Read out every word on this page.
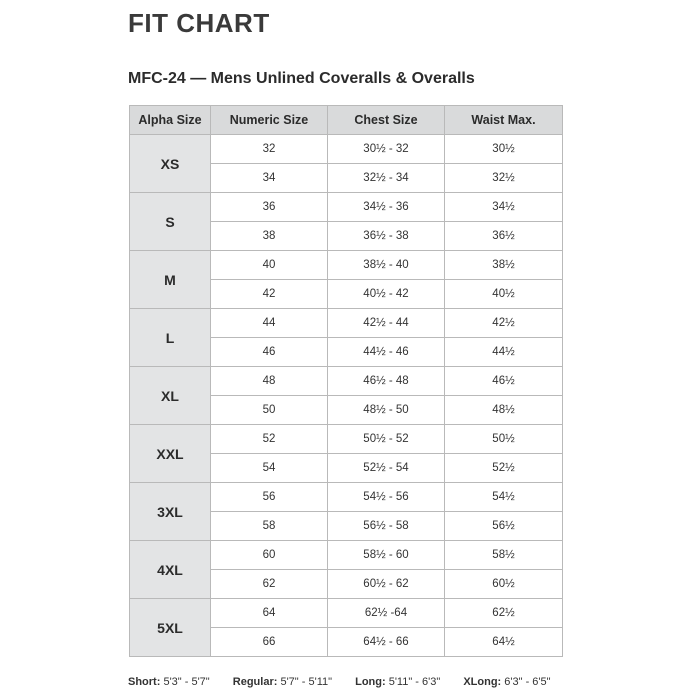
FIT CHART
MFC-24 — Mens Unlined Coveralls & Overalls
Alpha Size	Numeric Size	Chest Size	Waist Max.
XS	32	30½ - 32	30½
	34	32½ - 34	32½
S	36	34½ - 36	34½
	38	36½ - 38	36½
M	40	38½ - 40	38½
	42	40½ - 42	40½
L	44	42½ - 44	42½
	46	44½ - 46	44½
XL	48	46½ - 48	46½
	50	48½ - 50	48½
XXL	52	50½ - 52	50½
	54	52½ - 54	52½
3XL	56	54½ - 56	54½
	58	56½ - 58	56½
4XL	60	58½ - 60	58½
	62	60½ - 62	60½
5XL	64	62½ -64	62½
	66	64½ - 66	64½
Short: 5'3" - 5'7" Regular: 5'7" - 5'11" Long: 5'11" - 6'3" XLong: 6'3" - 6'5"
